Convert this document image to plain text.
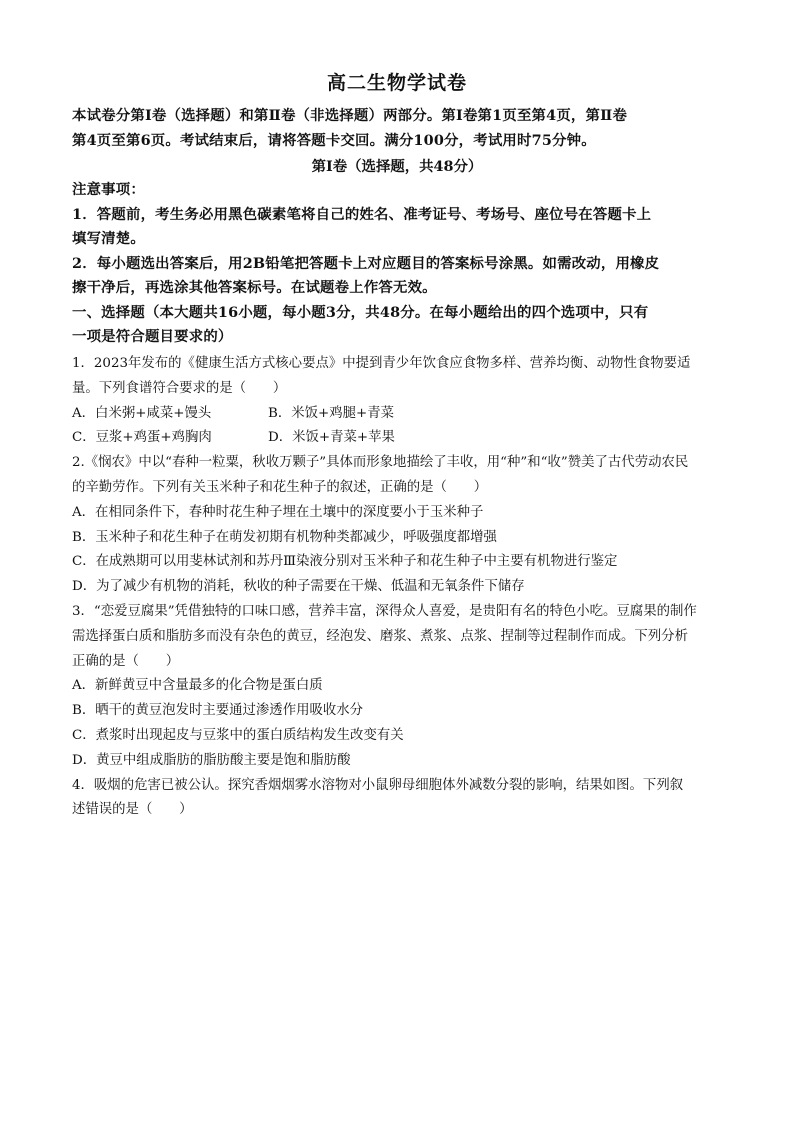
高二生物学试卷
本试卷分第Ⅰ卷（选择题）和第Ⅱ卷（非选择题）两部分。第Ⅰ卷第1页至第4页，第Ⅱ卷
第4页至第6页。考试结束后，请将答题卡交回。满分100分，考试用时75分钟。
第Ⅰ卷（选择题，共48分）
注意事项：
1．答题前，考生务必用黑色碳素笔将自己的姓名、准考证号、考场号、座位号在答题卡上
填写清楚。
2．每小题选出答案后，用2B铅笔把答题卡上对应题目的答案标号涂黑。如需改动，用橡皮
擦干净后，再选涂其他答案标号。在试题卷上作答无效。
一、选择题（本大题共16小题，每小题3分，共48分。在每小题给出的四个选项中，只有
一项是符合题目要求的）
1．2023年发布的《健康生活方式核心要点》中提到青少年饮食应食物多样、营养均衡、动物性食物要适
量。下列食谱符合要求的是（　　）
A．白米粥+咸菜+馒头	B．米饭+鸡腿+青菜
C．豆浆+鸡蛋+鸡胸肉	D．米饭+青菜+苹果
2.《悯农》中以“春种一粒粟，秋收万颗子”具体而形象地描绘了丰收，用“种”和“收”赞美了古代劳动农民
的辛勤劳作。下列有关玉米种子和花生种子的叙述，正确的是（　　）
A．在相同条件下，春种时花生种子埋在土壤中的深度要小于玉米种子
B．玉米种子和花生种子在萌发初期有机物种类都减少，呼吸强度都增强
C．在成熟期可以用斐林试剂和苏丹Ⅲ染液分别对玉米种子和花生种子中主要有机物进行鉴定
D．为了减少有机物的消耗，秋收的种子需要在干燥、低温和无氧条件下储存
3．“恋爱豆腐果”凭借独特的口味口感，营养丰富，深得众人喜爱，是贵阳有名的特色小吃。豆腐果的制作
需选择蛋白质和脂肪多而没有杂色的黄豆，经泡发、磨浆、煮浆、点浆、捏制等过程制作而成。下列分析
正确的是（　　）
A．新鲜黄豆中含量最多的化合物是蛋白质
B．晒干的黄豆泡发时主要通过渗透作用吸收水分
C．煮浆时出现起皮与豆浆中的蛋白质结构发生改变有关
D．黄豆中组成脂肪的脂肪酸主要是饱和脂肪酸
4．吸烟的危害已被公认。探究香烟烟雾水溶物对小鼠卵母细胞体外减数分裂的影响，结果如图。下列叙
述错误的是（　　）
